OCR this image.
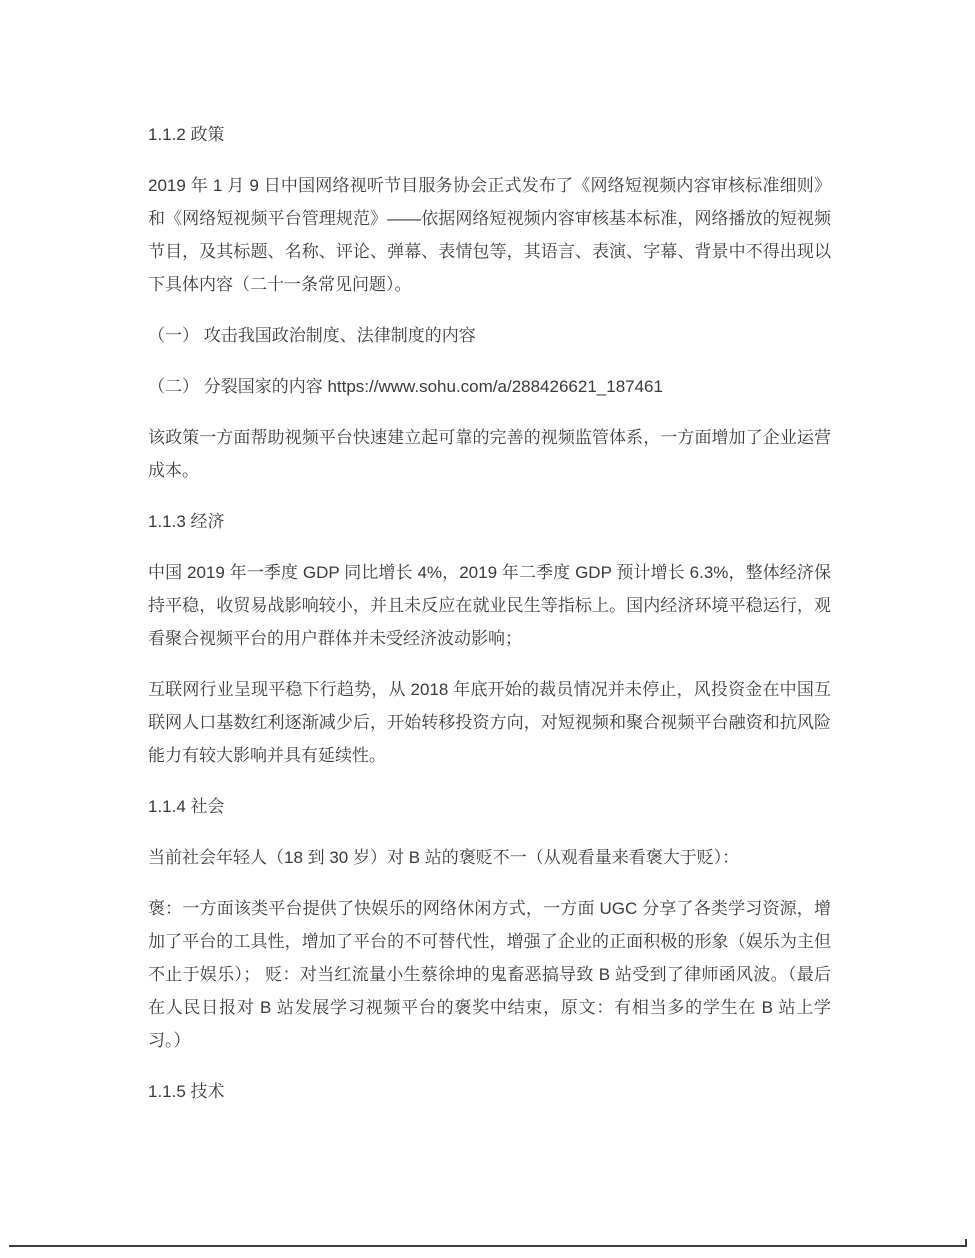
1.1.2 政策

2019 年 1 月 9 日中国网络视听节目服务协会正式发布了《网络短视频内容审核标准细则》和《网络短视频平台管理规范》——依据网络短视频内容审核基本标准，网络播放的短视频节目，及其标题、名称、评论、弹幕、表情包等，其语言、表演、字幕、背景中不得出现以下具体内容（二十一条常见问题）。

（一） 攻击我国政治制度、法律制度的内容

（二） 分裂国家的内容 https://www.sohu.com/a/288426621_187461

该政策一方面帮助视频平台快速建立起可靠的完善的视频监管体系，一方面增加了企业运营成本。

1.1.3 经济

中国 2019 年一季度 GDP 同比增长 4%，2019 年二季度 GDP 预计增长 6.3%，整体经济保持平稳，收贸易战影响较小，并且未反应在就业民生等指标上。国内经济环境平稳运行，观看聚合视频平台的用户群体并未受经济波动影响；

互联网行业呈现平稳下行趋势，从 2018 年底开始的裁员情况并未停止，风投资金在中国互联网人口基数红利逐渐减少后，开始转移投资方向，对短视频和聚合视频平台融资和抗风险能力有较大影响并具有延续性。

1.1.4 社会

当前社会年轻人（18 到 30 岁）对 B 站的褒贬不一（从观看量来看褒大于贬）：

褒：一方面该类平台提供了快娱乐的网络休闲方式，一方面 UGC 分享了各类学习资源，增加了平台的工具性，增加了平台的不可替代性，增强了企业的正面积极的形象（娱乐为主但不止于娱乐）； 贬：对当红流量小生蔡徐坤的鬼畜恶搞导致 B 站受到了律师函风波。（最后在人民日报对 B 站发展学习视频平台的褒奖中结束，原文：有相当多的学生在 B 站上学习。）

1.1.5 技术
